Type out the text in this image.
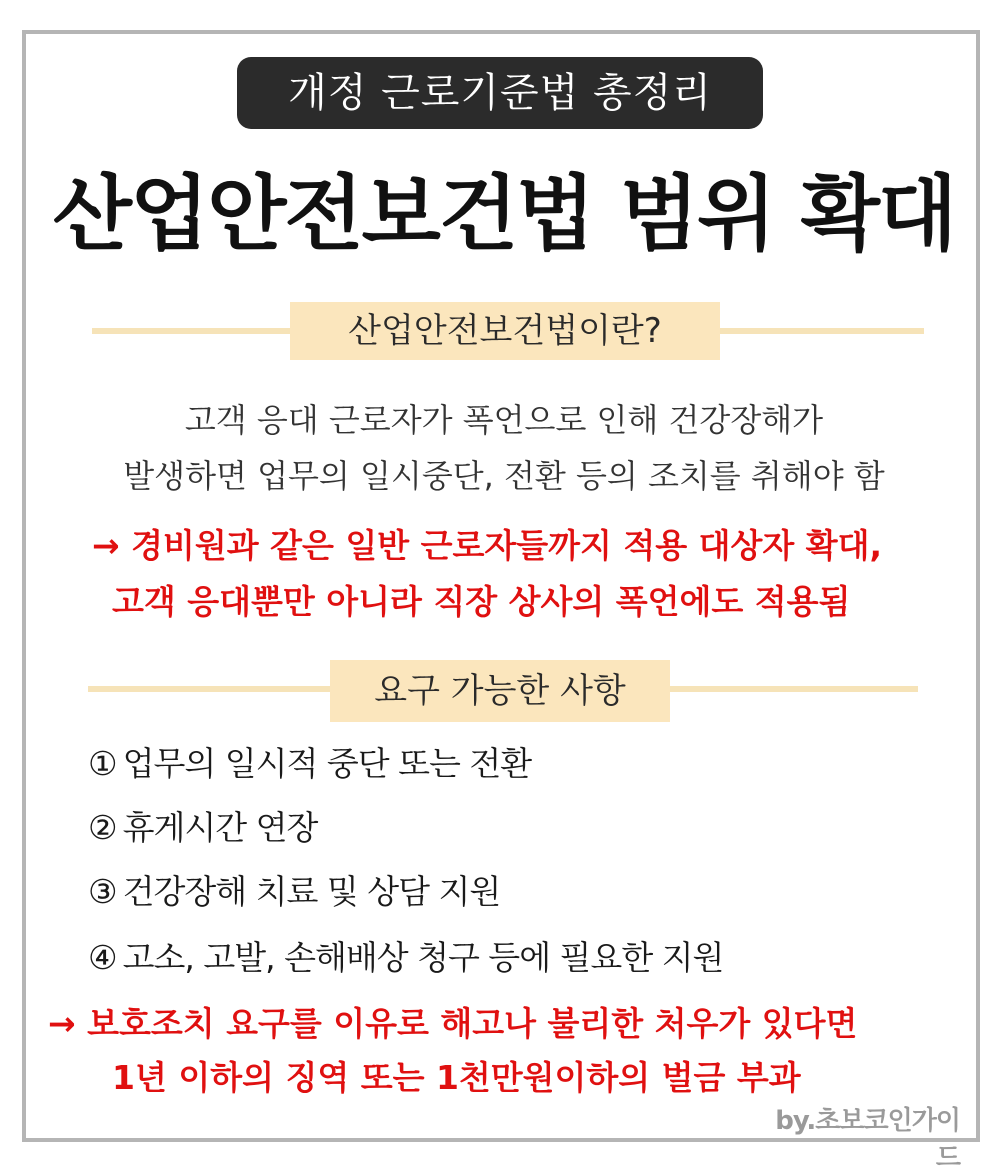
개정 근로기준법 총정리
산업안전보건법 범위 확대
산업안전보건법이란?
고객 응대 근로자가 폭언으로 인해 건강장해가
발생하면 업무의 일시중단, 전환 등의 조치를 취해야 함
→ 경비원과 같은 일반 근로자들까지 적용 대상자 확대,
고객 응대뿐만 아니라 직장 상사의 폭언에도 적용됨
요구 가능한 사항
① 업무의 일시적 중단 또는 전환
② 휴게시간 연장
③ 건강장해 치료 및 상담 지원
④ 고소, 고발, 손해배상 청구 등에 필요한 지원
→ 보호조치 요구를 이유로 해고나 불리한 처우가 있다면
1년 이하의 징역 또는 1천만원이하의 벌금 부과
by.초보코인가이드
